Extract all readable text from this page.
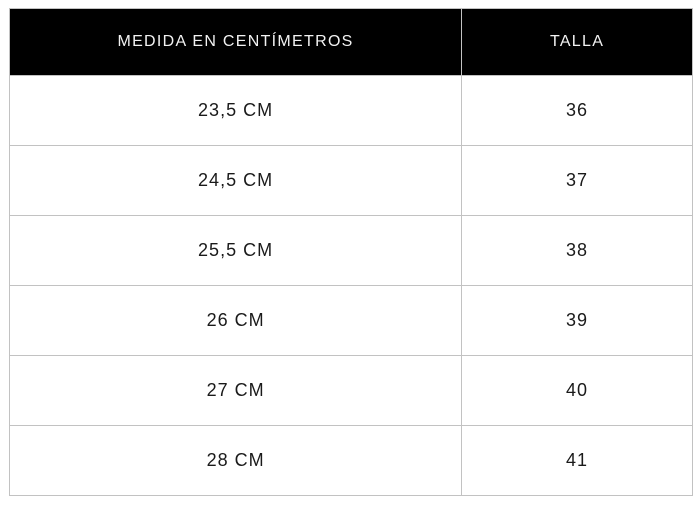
MEDIDA EN CENTÍMETROS	TALLA
23,5 CM	36
24,5 CM	37
25,5 CM	38
26 CM	39
27 CM	40
28 CM	41
